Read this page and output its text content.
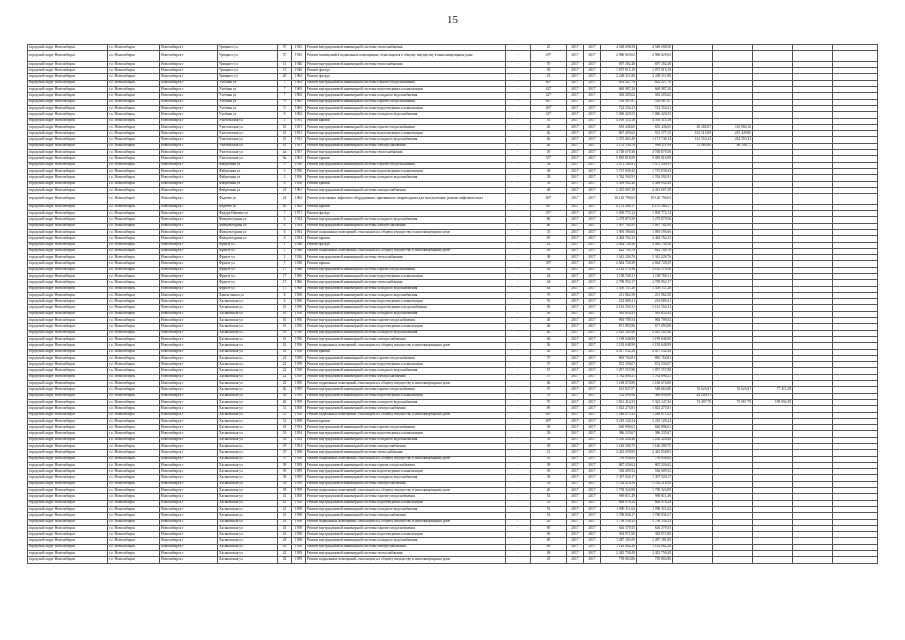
15
городской округ Новосибирск	г.о. Новосибирск	Новосибирск г	Урицкого ул	37	1935	Ремонт внутридомовой инженерной системы теплоснабжения	-	25	2017	2017	4 548 698,58	4 548 698,58					
городской округ Новосибирск	г.о. Новосибирск	Новосибирск г	Урицкого ул	37	1935	Ремонт помещений в подвальных помещениях, относящихся к общему имуществу в многоквартирном доме	-	29*	2017	2017	2 986 829,63	2 986 829,63					
городской округ Новосибирск	г.о. Новосибирск	Новосибирск г	Урицкого ул	12	1946	Ремонт внутридомовой инженерной системы теплоснабжения	-	70	2017	2017	697 302,48	697 302,48					
городской округ Новосибирск	г.о. Новосибирск	Новосибирск г	Урицкого ул	13	1946	Ремонт фасада	-	49	2017	2017	1 075 915,19	1 075 915,19					
городской округ Новосибирск	г.о. Новосибирск	Новосибирск г	Урицкого ул	20	1962	Ремонт фасада	-	23	2017	2017	2 228 511,80	2 228 511,80					
городской округ Новосибирск	г.о. Новосибирск	Новосибирск г	Учебная ул	7	1963	Ремонт внутридомовой инженерной системы горячего водоснабжения	-	60*	2017	2017	692 327,76	692 327,76					
городской округ Новосибирск	г.о. Новосибирск	Новосибирск г	Учебная ул	7	1963	Ремонт внутридомовой инженерной системы водоотведения и канализации	-	42*	2017	2017	660 987,20	660 987,20					
городской округ Новосибирск	г.о. Новосибирск	Новосибирск г	Учебная ул	7	1963	Ремонт внутридомовой инженерной системы холодного водоснабжения	-	42*	2017	2017	582 205,62	582 205,62					
городской округ Новосибирск	г.о. Новосибирск	Новосибирск г	Учебная ул	9	1963	Ремонт внутридомовой инженерной системы горячего водоснабжения	-	60*	2017	2017	518 987,87	518 987,87					
городской округ Новосибирск	г.о. Новосибирск	Новосибирск г	Учебная ул	9	1963	Ремонт внутридомовой инженерной системы водоотведения и канализации	-	40*	2017	2017	724 354,21	724 354,21					
городской округ Новосибирск	г.о. Новосибирск	Новосибирск г	Учебная ул	9	1963	Ремонт внутридомовой инженерной системы холодного водоснабжения	-	42*	2017	2017	1 060 420,53	1 060 420,53					
городской округ Новосибирск	г.о. Новосибирск	Новосибирск г	Учительская ул	1	1951	Ремонт крыши	-	35	2017	2017	4 503 114,16	4 503 114,16					
городской округ Новосибирск	г.о. Новосибирск	Новосибирск г	Учительская ул	10	1951	Ремонт внутридомовой инженерной системы горячего водоснабжения	-	26	2017	2017	655 436,65	655 436,65	65 282,67	116 084,16			
городской округ Новосибирск	г.о. Новосибирск	Новосибирск г	Учительская ул	10	1951	Ремонт внутридомовой инженерной системы водоотведения и канализации	-	26	2017	2017	867 405,63	531 177,15	161 313,69	215 449,86			
городской округ Новосибирск	г.о. Новосибирск	Новосибирск г	Учительская ул	10	1951	Ремонт внутридомовой инженерной системы холодного водоснабжения	-	26	2017	2017	1 475 463,49	1 171 746,14	161 353,43	242 353,31			
городской округ Новосибирск	г.о. Новосибирск	Новосибирск г	Учительская ул	10	1951	Ремонт внутридомовой инженерной системы электроснабжения	-	26	2017	2017	1 151 130,76	988 111,99	72 485,09	96 104,77			
городской округ Новосибирск	г.о. Новосибирск	Новосибирск г	Учительская ул	4а	1957	Ремонт внутридомовой инженерной системы теплоснабжения	-	49	2017	2017	4 748 679,36	4 748 679,36					
городской округ Новосибирск	г.о. Новосибирск	Новосибирск г	Учительская ул	9а	1961	Ремонт крыши	-	33*	2017	2017	5 095 016,99	5 095 016,99					
городской округ Новосибирск	г.о. Новосибирск	Новосибирск г	Фабричная ул	3	1956	Ремонт внутридомовой инженерной системы горячего водоснабжения	-	38	2017	2017	1 071 349,91	1 071 349,91					
городской округ Новосибирск	г.о. Новосибирск	Новосибирск г	Фабричная ул	3	1956	Ремонт внутридомовой инженерной системы водоотведения и канализации	-	38	2017	2017	1 715 039,43	1 715 039,43					
городской округ Новосибирск	г.о. Новосибирск	Новосибирск г	Фабричная ул	3	1956	Ремонт внутридомовой инженерной системы холодного водоснабжения	-	39	2017	2017	1 762 592,91	1 762 592,91					
городской округ Новосибирск	г.о. Новосибирск	Новосибирск г	Фабричная ул	6	1956	Ремонт крыши	-	39	2017	2017	5 499 992,40	5 499 992,40					
городской округ Новосибирск	г.о. Новосибирск	Новосибирск г	Фабричная ул	41	1961	Ремонт внутридомовой инженерной системы электроснабжения	-	48	2017	2017	2 415 607,29	2 415 607,29					
городской округ Новосибирск	г.о. Новосибирск	Новосибирск г	Фадеева ул	24	1962	Ремонт или замена лифтового оборудования, признанного непригодным для эксплуатации, ремонт лифтовых шахт	-	60*	2017	2017	10 120 790,63	10 120 790,63					
городской округ Новосибирск	г.о. Новосибирск	Новосибирск г	Фадеева ул	65	1962	Ремонт крыши	-	48*	2017	2017	6 151 586,17	6 151 586,17					
городской округ Новосибирск	г.о. Новосибирск	Новосибирск г	Федора Ивачева ул	7	1971	Ремонт фасада	-	33*	2017	2017	1 039 772,12	1 039 772,12					
городской округ Новосибирск	г.о. Новосибирск	Новосибирск г	Физкультурная ул	4	1954	Ремонт внутридомовой инженерной системы холодного водоснабжения	-	60	2017	2017	1 279 879,50	1 279 879,50					
городской округ Новосибирск	г.о. Новосибирск	Новосибирск г	Физкультурная ул	4	1954	Ремонт внутридомовой инженерной системы электроснабжения	-	60	2017	2017	1 097 762,95	1 097 762,95					
городской округ Новосибирск	г.о. Новосибирск	Новосибирск г	Физкультурная ул	6	1954	Ремонт подвальных помещений, относящихся к общему имуществу в многоквартирном доме	-	35	2017	2017	1 093 590,60	1 093 590,60					
городской округ Новосибирск	г.о. Новосибирск	Новосибирск г	Физкультурная ул	6	1954	Ремонт крыши	-	65	2017	2017	4 464 762,23	4 464 762,23					
городской округ Новосибирск	г.о. Новосибирск	Новосибирск г	Фрунзе ул	1	1946	Ремонт фасада	-	23	2017	2017	3 064 738,30	3 064 738,30					
городской округ Новосибирск	г.о. Новосибирск	Новосибирск г	Фрунзе ул	1	1946	Ремонт подвальных помещений, относящихся к общему имуществу в многоквартирном доме	-	50	2017	2017	622 769,76	622 769,76					
городской округ Новосибирск	г.о. Новосибирск	Новосибирск г	Фрунзе ул	2	1926	Ремонт внутридомовой инженерной системы теплоснабжения	-	38	2017	2017	1 341 226,76	1 341 226,76					
городской округ Новосибирск	г.о. Новосибирск	Новосибирск г	Фрунзе ул	7	1930	Ремонт крыши	-	39*	2017	2017	2 664 728,39	2 664 728,39					
городской округ Новосибирск	г.о. Новосибирск	Новосибирск г	Фрунзе ул	17	1966	Ремонт внутридомовой инженерной системы горячего водоснабжения	-	44	2017	2017	2 162 579,36	2 162 579,36					
городской округ Новосибирск	г.о. Новосибирск	Новосибирск г	Фрунзе ул	17	1966	Ремонт внутридомовой инженерной системы водоотведения и канализации	-	44	2017	2017	1 158 768,11	1 158 768,11					
городской округ Новосибирск	г.о. Новосибирск	Новосибирск г	Фрунзе ул	17	1966	Ремонт внутридомовой инженерной системы теплоснабжения	-	44	2017	2017	2 799 952,17	2 799 952,17					
городской округ Новосибирск	г.о. Новосибирск	Новосибирск г	Фрунзе ул	17	1966	Ремонт внутридомовой инженерной системы холодного водоснабжения	-	44	2017	2017	1 350 137,28	1 350 137,28					
городской округ Новосибирск	г.о. Новосибирск	Новосибирск г	Ханты-манси ул	8	1956	Ремонт внутридомовой инженерной системы холодного водоснабжения	-	76	2017	2017	211 862,58	211 862,58					
городской округ Новосибирск	г.о. Новосибирск	Новосибирск г	Хасановская ул	6	1956	Ремонт внутридомовой инженерной системы водоотведения и канализации	-	76	2017	2017	214 689,21	214 689,21					
городской округ Новосибирск	г.о. Новосибирск	Новосибирск г	Хасановская ул	10	1956	Ремонт внутридомовой инженерной системы водоотведения и водоснабжения	-	59	2017	2017	2 161 354,31	2 161 354,31					
городской округ Новосибирск	г.о. Новосибирск	Новосибирск г	Хасановская ул	10	1956	Ремонт внутридомовой инженерной системы холодного водоснабжения	-	58	2017	2017	581 633,45	581 633,45					
городской округ Новосибирск	г.о. Новосибирск	Новосибирск г	Хасановская ул	16	1956	Ремонт внутридомовой инженерной системы горячего водоснабжения	-	46	2017	2017	965 709,54	965 709,54					
городской округ Новосибирск	г.о. Новосибирск	Новосибирск г	Хасановская ул	16	1956	Ремонт внутридомовой инженерной системы водоотведения и канализации	-	46	2017	2017	671 893,86	671 893,86					
городской округ Новосибирск	г.о. Новосибирск	Новосибирск г	Хасановская ул	16	1956	Ремонт внутридомовой инженерной системы холодного водоснабжения	-	46	2017	2017	2 025 505,46	2 025 505,46					
городской округ Новосибирск	г.о. Новосибирск	Новосибирск г	Хасановская ул	16	1956	Ремонт внутридомовой инженерной системы электроснабжения	-	46	2017	2017	1 199 048,90	1 199 048,90					
городской округ Новосибирск	г.о. Новосибирск	Новосибирск г	Хасановская ул	16	1956	Ремонт подвальных помещений, относящихся к общему имуществу в многоквартирном доме	-	56	2017	2017	1 192 648,99	1 192 648,99					
городской округ Новосибирск	г.о. Новосибирск	Новосибирск г	Хасановская ул	18	1958	Ремонт крыши	-	49	2017	2017	4 017 532,28	4 017 532,28					
городской округ Новосибирск	г.о. Новосибирск	Новосибирск г	Хасановская ул	22	1959	Ремонт внутридомовой инженерной системы горячего водоснабжения	-	57	2017	2017	865 764,81	865 764,81					
городской округ Новосибирск	г.о. Новосибирск	Новосибирск г	Хасановская ул	22	1959	Ремонт внутридомовой инженерной системы водоотведения и канализации	-	57	2017	2017	672 330,07	672 330,07					
городской округ Новосибирск	г.о. Новосибирск	Новосибирск г	Хасановская ул	22	1959	Ремонт внутридомовой инженерной системы холодного водоснабжения	-	57	2017	2017	1 057 557,88	1 057 557,88					
городской округ Новосибирск	г.о. Новосибирск	Новосибирск г	Хасановская ул	22	1959	Ремонт внутридомовой инженерной системы электроснабжения	-	57	2017	2017	1 762 690,21	1 762 690,21					
городской округ Новосибирск	г.о. Новосибирск	Новосибирск г	Хасановская ул	22	1959	Ремонт подвальных помещений, относящихся к общему имуществу в многоквартирном доме	-	46	2017	2017	1 160 674,80	1 160 674,80					
городской округ Новосибирск	г.о. Новосибирск	Новосибирск г	Хасановская ул	26	1959	Ремонт внутридомовой инженерной системы горячего водоснабжения	-	70	2017	2017	612 927,07	548 663,86	76 623,91	76 623,91	77 411,29		
городской округ Новосибирск	г.о. Новосибирск	Новосибирск г	Хасановская ул	26	1959	Ремонт внутридомовой инженерной системы водоотведения и канализации	-	70	2017	2017	532 830,96	489 656,89	43 200,51				
городской округ Новосибирск	г.о. Новосибирск	Новосибирск г	Хасановская ул	26	1959	Ремонт внутридомовой инженерной системы холодного водоснабжения	-	70	2017	2017	1 821 414,53	1 322 147,42	74 497,78	75 067,79	198 092,49		
городской округ Новосибирск	г.о. Новосибирск	Новосибирск г	Хасановская ул	31	1958	Ремонт внутридомовой инженерной системы электроснабжения	-	69	2017	2017	1 023 275,81	1 023 275,81					
городской округ Новосибирск	г.о. Новосибирск	Новосибирск г	Хасановская ул	31	1958	Ремонт подвальных помещений, относящихся к общему имуществу в многоквартирном доме	-	46*	2017	2017	1 286 671,42	1 286 671,42					
городской округ Новосибирск	г.о. Новосибирск	Новосибирск г	Хасановская ул	31	1958	Ремонт крыши	-	69*	2017	2017	3 219 120,24	3 219 120,24					
городской округ Новосибирск	г.о. Новосибирск	Новосибирск г	Хасановская ул	33	1954	Ремонт внутридомовой инженерной системы горячего водоснабжения	-	39	2017	2017	620 896,61	620 896,61					
городской округ Новосибирск	г.о. Новосибирск	Новосибирск г	Хасановская ул	33	1954	Ремонт внутридомовой инженерной системы водоотведения и канализации	-	39	2017	2017	386 235,67	386 235,67					
городской округ Новосибирск	г.о. Новосибирск	Новосибирск г	Хасановская ул	33	1954	Ремонт внутридомовой инженерной системы холодного водоснабжения	-	39	2017	2017	1 250 226,48	1 250 226,48					
городской округ Новосибирск	г.о. Новосибирск	Новосибирск г	Хасановская ул	33	1954	Ремонт внутридомовой инженерной системы электроснабжения	-	39	2017	2017	1 146 290,75	1 146 290,75					
городской округ Новосибирск	г.о. Новосибирск	Новосибирск г	Хасановская ул	37	1958	Ремонт внутридомовой инженерной системы теплоснабжения	-	31	2017	2017	2 425 058,83	2 425 058,83					
городской округ Новосибирск	г.о. Новосибирск	Новосибирск г	Хасановская ул	37	1958	Ремонт подвальных помещений, относящихся к общему имуществу в многоквартирном доме	-	35	2017	2017	759 958,84	759 958,84					
городской округ Новосибирск	г.о. Новосибирск	Новосибирск г	Хасановская ул	39	1959	Ремонт внутридомовой инженерной системы горячего водоснабжения	-	39	2017	2017	867 226,62	867 226,62					
городской округ Новосибирск	г.о. Новосибирск	Новосибирск г	Хасановская ул	39	1959	Ремонт внутридомовой инженерной системы водоотведения и канализации	-	39	2017	2017	536 609,52	536 609,52					
городской округ Новосибирск	г.о. Новосибирск	Новосибирск г	Хасановская ул	39	1959	Ремонт внутридомовой инженерной системы холодного водоснабжения	-	39	2017	2017	1 397 920,17	1 397 920,17					
городской округ Новосибирск	г.о. Новосибирск	Новосибирск г	Хасановская ул	39	1959	Ремонт внутридомовой инженерной системы электроснабжения	-	39	2017	2017	1 762 218,29	1 762 218,29					
городской округ Новосибирск	г.о. Новосибирск	Новосибирск г	Хасановская ул	39	1959	Ремонт подвальных помещений, относящихся к общему имуществу в многоквартирном доме	-	40	2017	2017	1 758 324,88	1 758 324,88					
городской округ Новосибирск	г.о. Новосибирск	Новосибирск г	Хасановская ул	41	1958	Ремонт внутридомовой инженерной системы горячего водоснабжения	-	53	2017	2017	969 811,49	969 811,49					
городской округ Новосибирск	г.о. Новосибирск	Новосибирск г	Хасановская ул	41	1958	Ремонт внутридомовой инженерной системы водоотведения и канализации	-	53	2017	2017	608 978,24	608 978,24					
городской округ Новосибирск	г.о. Новосибирск	Новосибирск г	Хасановская ул	41	1958	Ремонт внутридомовой инженерной системы холодного водоснабжения	-	53	2017	2017	1 090 311,62	1 090 311,62					
городской округ Новосибирск	г.о. Новосибирск	Новосибирск г	Хасановская ул	41	1958	Ремонт внутридомовой инженерной системы электроснабжения	-	53	2017	2017	1 768 036,27	1 768 036,27					
городской округ Новосибирск	г.о. Новосибирск	Новосибирск г	Хасановская ул	41	1958	Ремонт подвальных помещений, относящихся к общему имуществу в многоквартирном доме	-	45	2017	2017	1 758 158,32	1 758 158,32					
городской округ Новосибирск	г.о. Новосибирск	Новосибирск г	Хасановская ул	43	1958	Ремонт внутридомовой инженерной системы горячего водоснабжения	-	69	2017	2017	626 379,55	626 379,55					
городской округ Новосибирск	г.о. Новосибирск	Новосибирск г	Хасановская ул	43	1958	Ремонт внутридомовой инженерной системы водоотведения и канализации	-	69	2017	2017	394 971,80	394 971,80					
городской округ Новосибирск	г.о. Новосибирск	Новосибирск г	Хасановская ул	43	1958	Ремонт внутридомовой инженерной системы холодного водоснабжения	-	69	2017	2017	1 287 181,09	1 287 181,09					
городской округ Новосибирск	г.о. Новосибирск	Новосибирск г	Хасановская ул	43	1958	Ремонт внутридомовой инженерной системы электроснабжения	-	69	2017	2017	1 143 982,28	1 143 982,28					
городской округ Новосибирск	г.о. Новосибирск	Новосибирск г	Хасановская ул	42	1959	Ремонт внутридомовой инженерной системы теплоснабжения	-	49	2017	2017	2 425 758,49	2 425 758,49					
городской округ Новосибирск	г.о. Новосибирск	Новосибирск г	Хасановская ул	42	1959	Ремонт подвальных помещений, относящихся к общему имуществу в многоквартирном доме	-	45	2017	2017	759 803,86	759 803,86					
